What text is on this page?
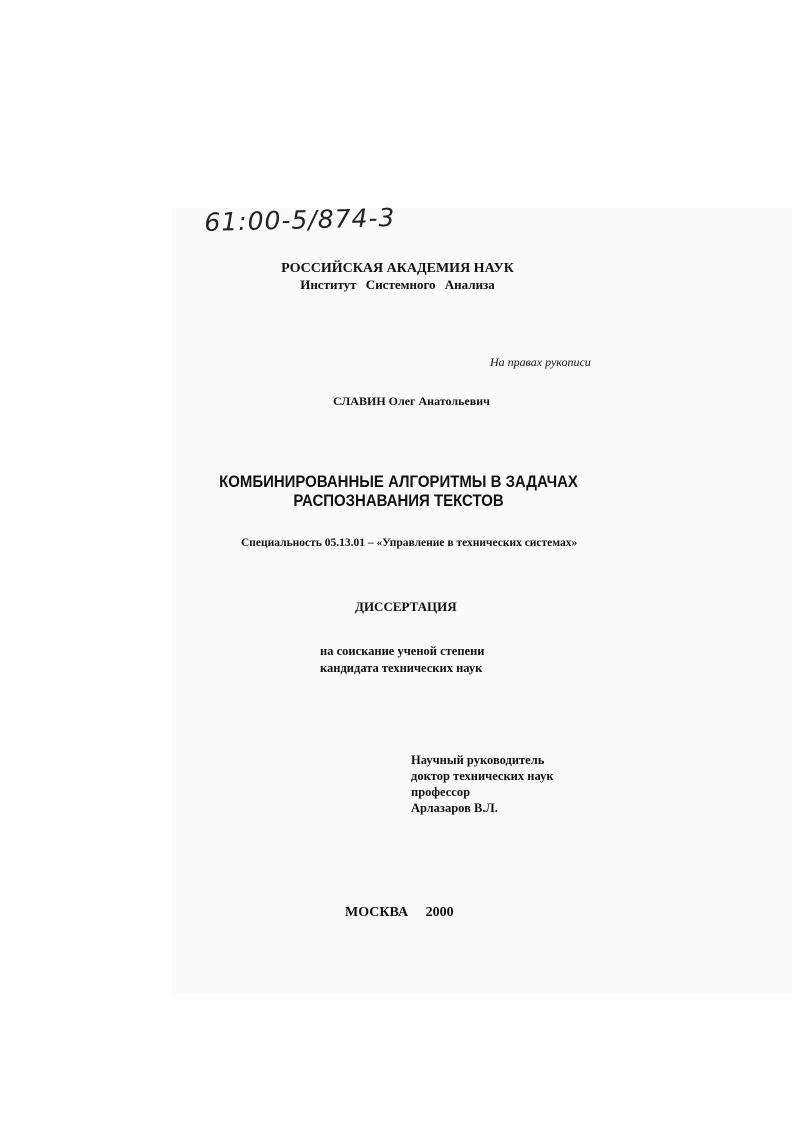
61:00-5/874-3
РОССИЙСКАЯ АКАДЕМИЯ НАУК
Институт Системного Анализа
На правах рукописи
СЛАВИН Олег Анатольевич
КОМБИНИРОВАННЫЕ АЛГОРИТМЫ В ЗАДАЧАХ
РАСПОЗНАВАНИЯ ТЕКСТОВ
Специальность 05.13.01 – «Управление в технических системах»
ДИССЕРТАЦИЯ
на соискание ученой степени
кандидата технических наук
Научный руководитель
доктор технических наук
профессор
Арлазаров В.Л.
МОСКВА 2000
